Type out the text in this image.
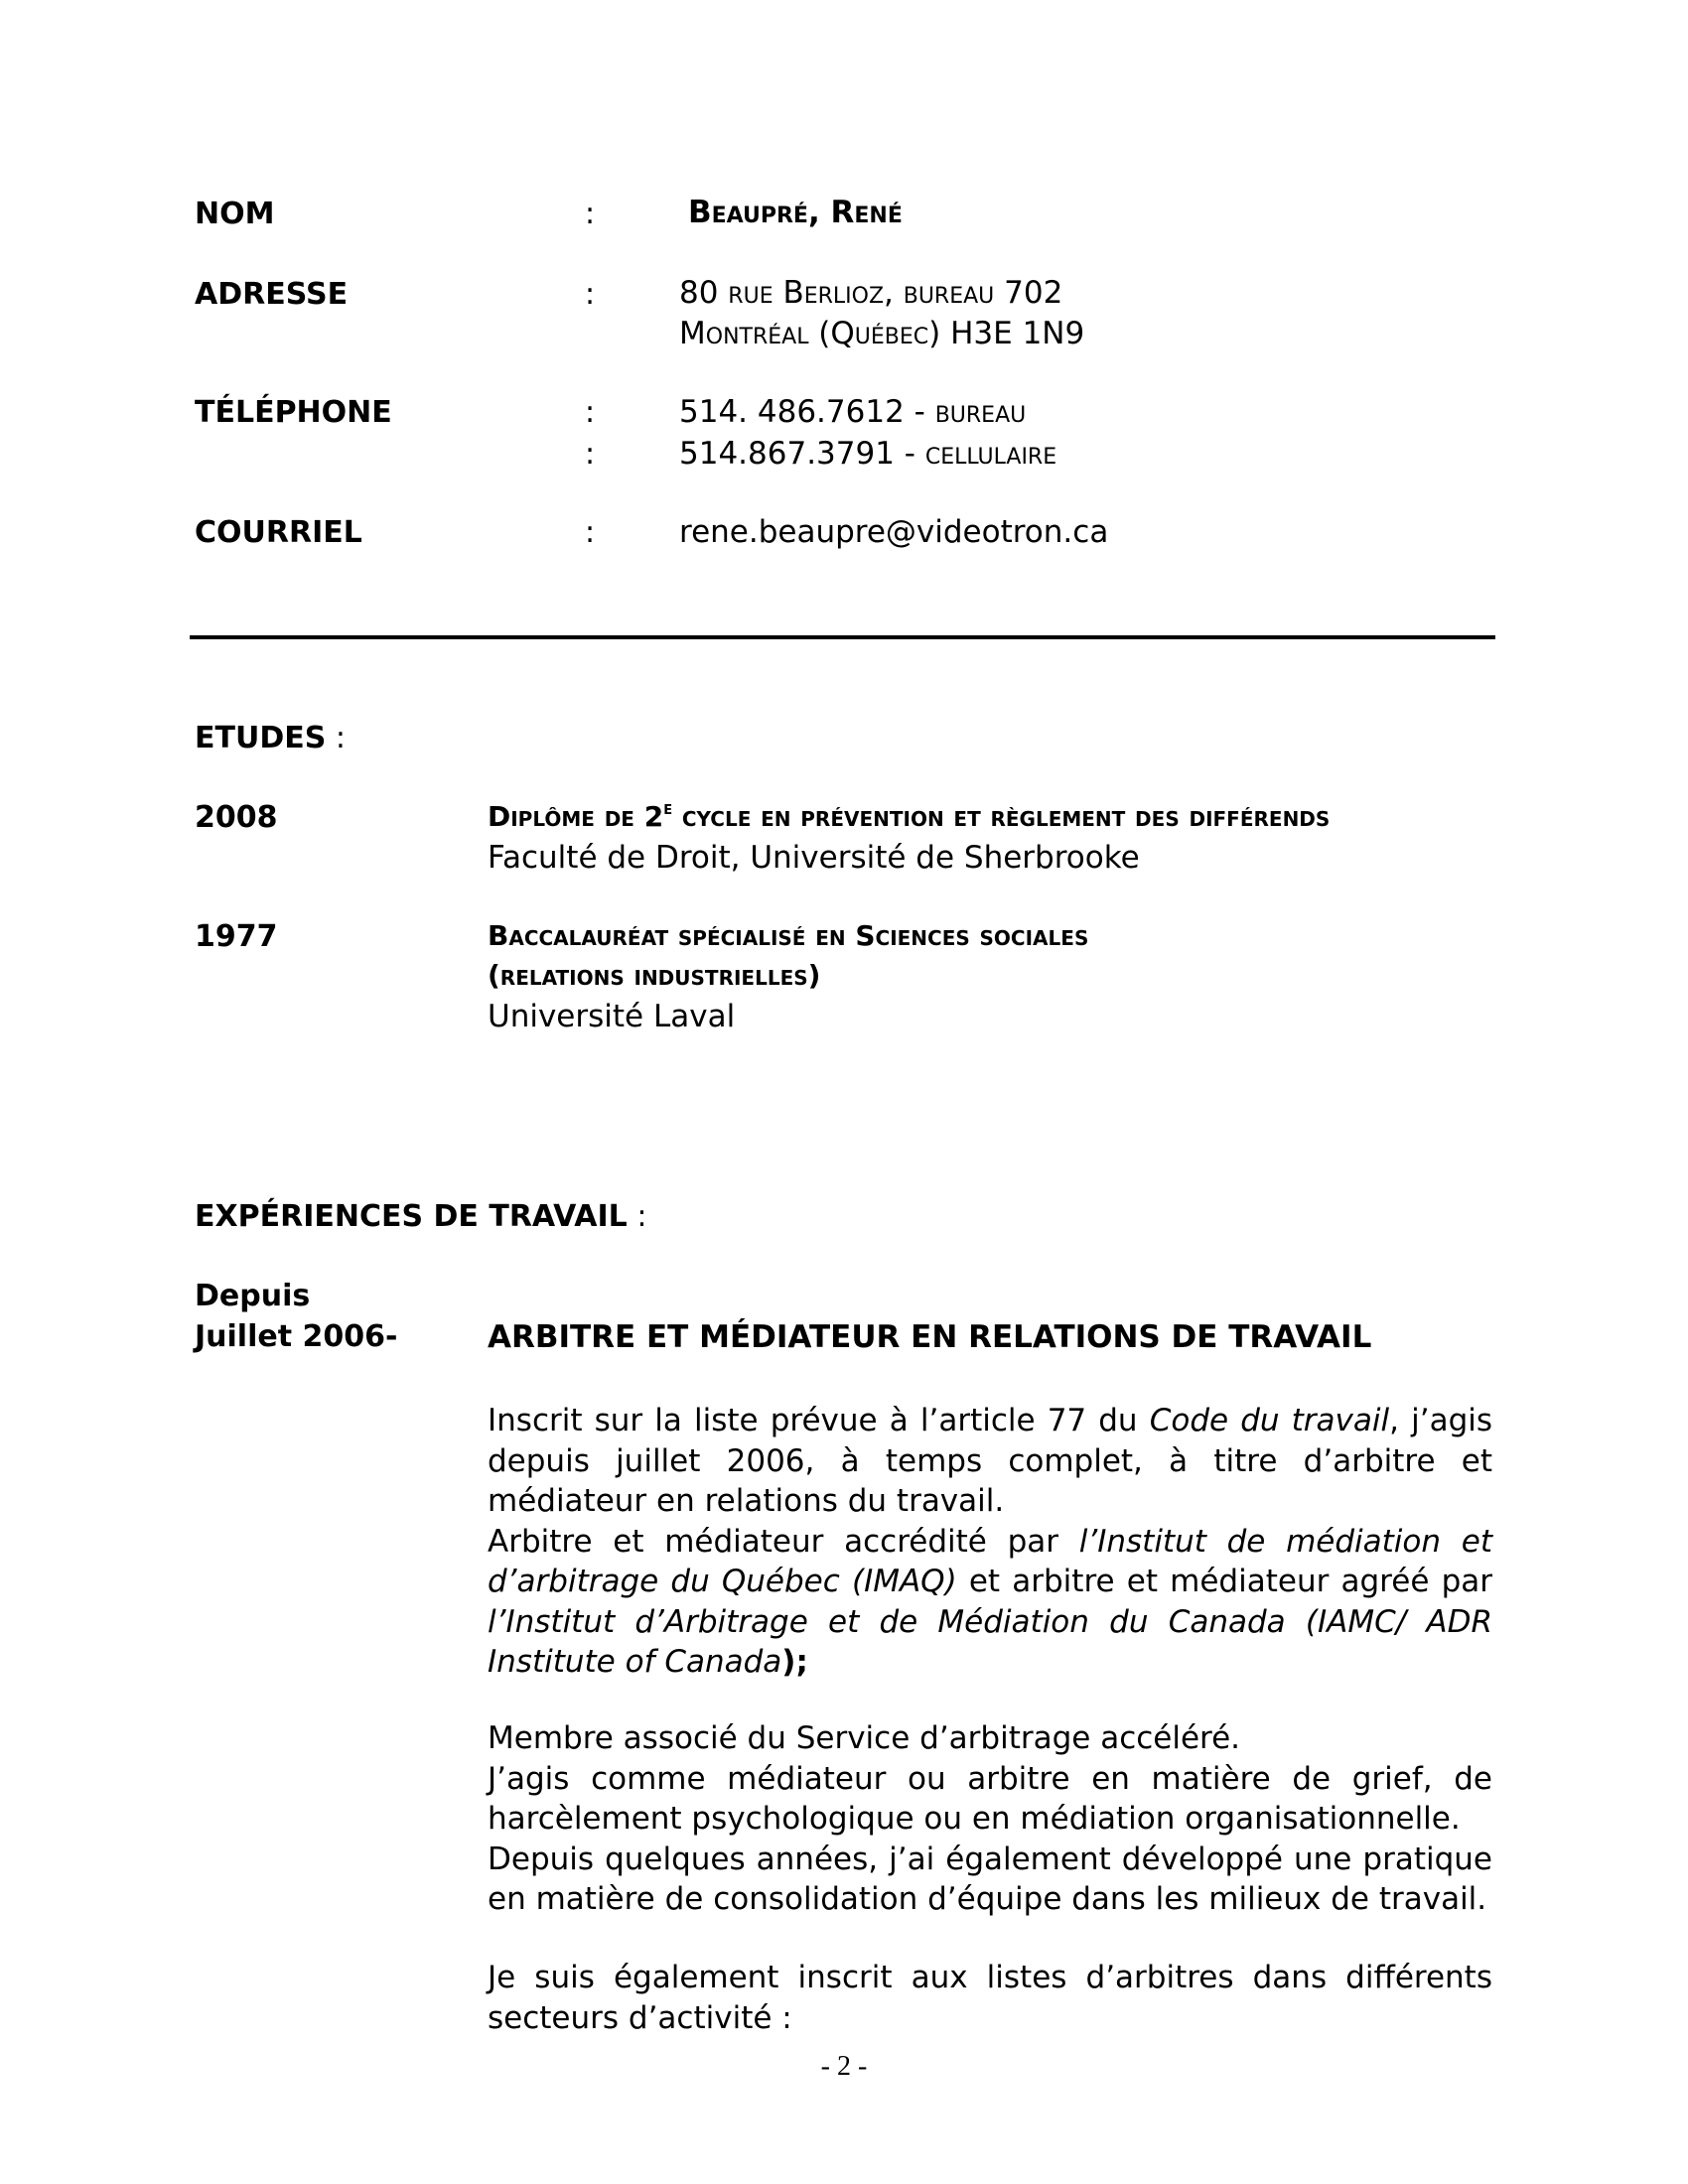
NOM	:	Beaupré, René
ADRESSE	:	80 rue Berlioz, bureau 702
Montréal (Québec) H3E 1N9
TÉLÉPHONE	:	514. 486.7612 - bureau
:	514.867.3791 - cellulaire
COURRIEL	:	rene.beaupre@videotron.ca
ETUDES :
2008	Diplôme de 2e cycle en prévention et règlement des différends
Faculté de Droit, Université de Sherbrooke
1977	Baccalauréat spécialisé en Sciences sociales
(relations industrielles)
Université Laval
EXPÉRIENCES DE TRAVAIL :
Depuis
Juillet 2006-	ARBITRE ET MÉDIATEUR EN RELATIONS DE TRAVAIL

Inscrit sur la liste prévue à l’article 77 du Code du travail, j’agis depuis juillet 2006, à temps complet, à titre d’arbitre et médiateur en relations du travail.

Arbitre et médiateur accrédité par l’Institut de médiation et d’arbitrage du Québec (IMAQ) et arbitre et médiateur agréé par l’Institut d’Arbitrage et de Médiation du Canada (IAMC/ ADR Institute of Canada);

Membre associé du Service d’arbitrage accéléré.

J’agis comme médiateur ou arbitre en matière de grief, de harcèlement psychologique ou en médiation organisationnelle.

Depuis quelques années, j’ai également développé une pratique en matière de consolidation d’équipe dans les milieux de travail.

Je suis également inscrit aux listes d’arbitres dans différents secteurs d’activité :

- 2 -
